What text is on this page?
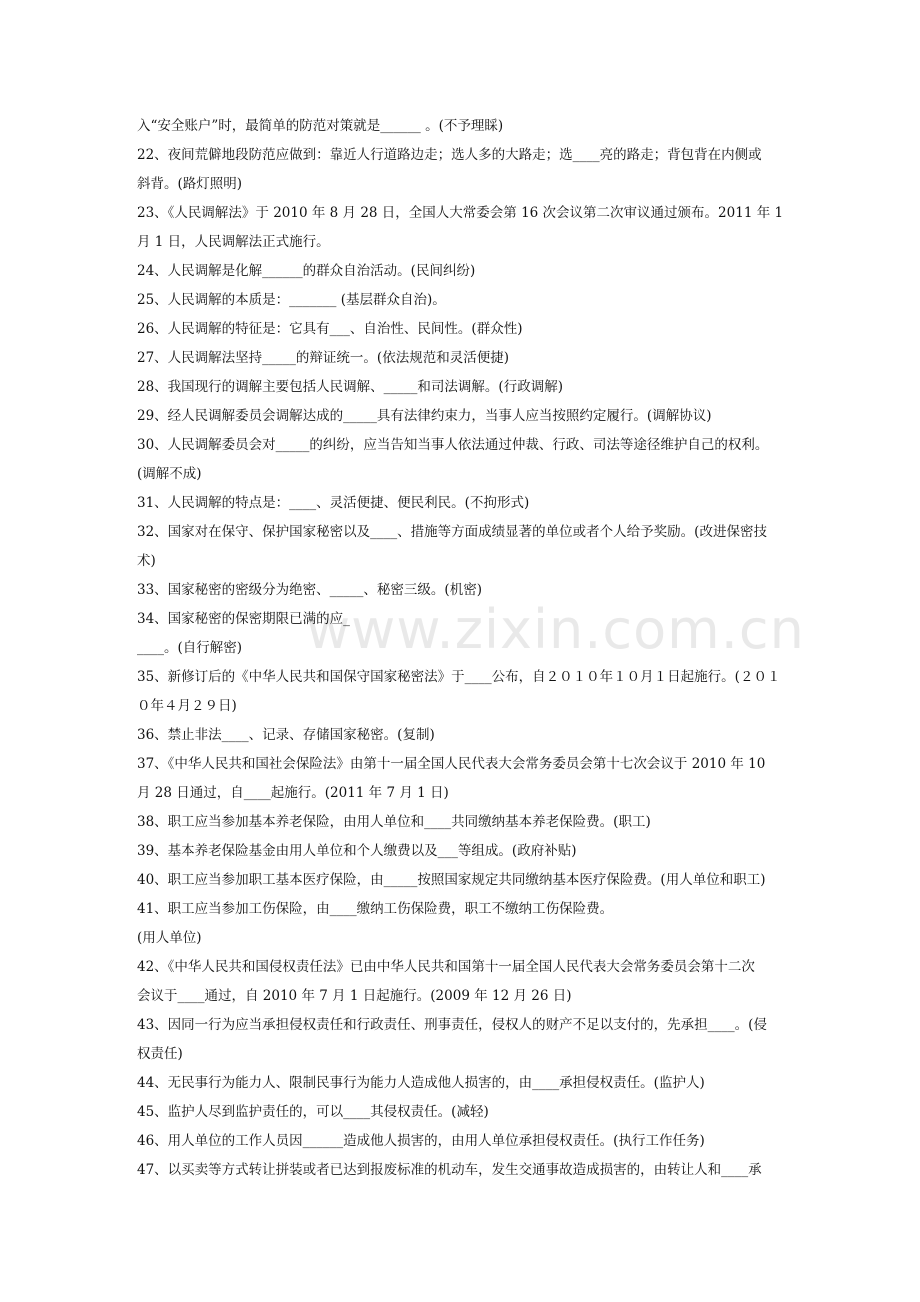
www.zixin.com.cn
入“安全账户”时，最简单的防范对策就是______ 。(不予理睬)
22、夜间荒僻地段防范应做到：靠近人行道路边走；选人多的大路走；选____亮的路走；背包背在内侧或
斜背。(路灯照明)
23、《人民调解法》于 2010 年 8 月 28 日，全国人大常委会第 16 次会议第二次审议通过颁布。2011 年 1
月 1 日，人民调解法正式施行。
24、人民调解是化解______的群众自治活动。(民间纠纷)
25、人民调解的本质是：_______ (基层群众自治)。
26、人民调解的特征是：它具有___、自治性、民间性。(群众性)
27、人民调解法坚持_____的辩证统一。(依法规范和灵活便捷)
28、我国现行的调解主要包括人民调解、_____和司法调解。(行政调解)
29、经人民调解委员会调解达成的_____具有法律约束力，当事人应当按照约定履行。(调解协议)
30、人民调解委员会对_____的纠纷，应当告知当事人依法通过仲裁、行政、司法等途径维护自己的权利。
(调解不成)
31、人民调解的特点是：____、灵活便捷、便民利民。(不拘形式)
32、国家对在保守、保护国家秘密以及____、措施等方面成绩显著的单位或者个人给予奖励。(改进保密技
术)
33、国家秘密的密级分为绝密、_____、秘密三级。(机密)
34、国家秘密的保密期限已满的应_
____。(自行解密)
35、新修订后的《中华人民共和国保守国家秘密法》于____公布，自２０１０年１０月１日起施行。(２０１
０年４月２９日)
36、禁止非法____、记录、存储国家秘密。(复制)
37、《中华人民共和国社会保险法》由第十一届全国人民代表大会常务委员会第十七次会议于 2010 年 10
月 28 日通过，自____起施行。(2011 年 7 月 1 日)
38、职工应当参加基本养老保险，由用人单位和____共同缴纳基本养老保险费。(职工)
39、基本养老保险基金由用人单位和个人缴费以及___等组成。(政府补贴)
40、职工应当参加职工基本医疗保险，由_____按照国家规定共同缴纳基本医疗保险费。(用人单位和职工)
41、职工应当参加工伤保险，由____缴纳工伤保险费，职工不缴纳工伤保险费。
(用人单位)
42、《中华人民共和国侵权责任法》已由中华人民共和国第十一届全国人民代表大会常务委员会第十二次
会议于____通过，自 2010 年 7 月 1 日起施行。(2009 年 12 月 26 日)
43、因同一行为应当承担侵权责任和行政责任、刑事责任，侵权人的财产不足以支付的，先承担____。(侵
权责任)
44、无民事行为能力人、限制民事行为能力人造成他人损害的，由____承担侵权责任。(监护人)
45、监护人尽到监护责任的，可以____其侵权责任。(减轻)
46、用人单位的工作人员因______造成他人损害的，由用人单位承担侵权责任。(执行工作任务)
47、以买卖等方式转让拼装或者已达到报废标准的机动车，发生交通事故造成损害的，由转让人和____承
